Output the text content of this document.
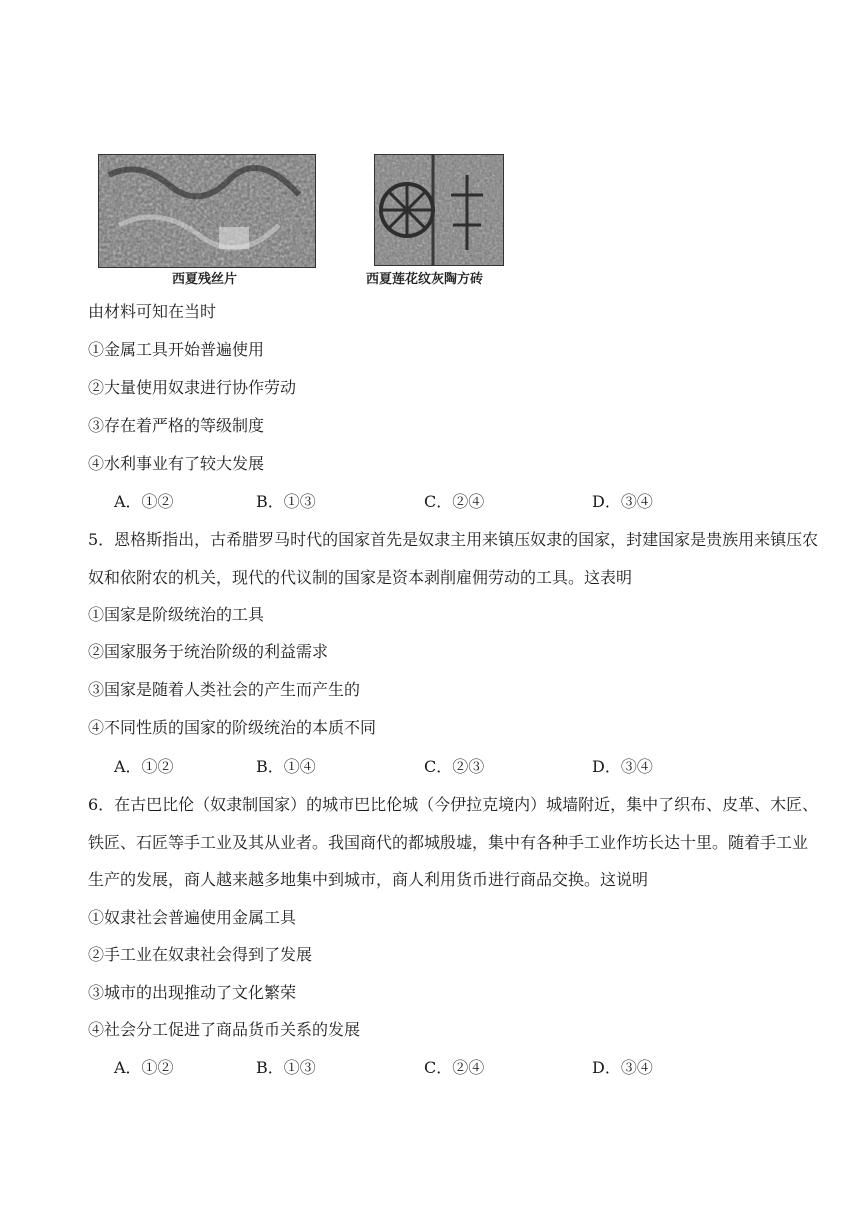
西夏残丝片	西夏莲花纹灰陶方砖
由材料可知在当时
①金属工具开始普遍使用
②大量使用奴隶进行协作劳动
③存在着严格的等级制度
④水利事业有了较大发展
A．①②	B．①③	C．②④	D．③④
5．恩格斯指出，古希腊罗马时代的国家首先是奴隶主用来镇压奴隶的国家，封建国家是贵族用来镇压农
奴和依附农的机关，现代的代议制的国家是资本剥削雇佣劳动的工具。这表明
①国家是阶级统治的工具
②国家服务于统治阶级的利益需求
③国家是随着人类社会的产生而产生的
④不同性质的国家的阶级统治的本质不同
A．①②	B．①④	C．②③	D．③④
6．在古巴比伦（奴隶制国家）的城市巴比伦城（今伊拉克境内）城墙附近，集中了织布、皮革、木匠、
铁匠、石匠等手工业及其从业者。我国商代的都城殷墟，集中有各种手工业作坊长达十里。随着手工业
生产的发展，商人越来越多地集中到城市，商人利用货币进行商品交换。这说明
①奴隶社会普遍使用金属工具
②手工业在奴隶社会得到了发展
③城市的出现推动了文化繁荣
④社会分工促进了商品货币关系的发展
A．①②	B．①③	C．②④	D．③④
